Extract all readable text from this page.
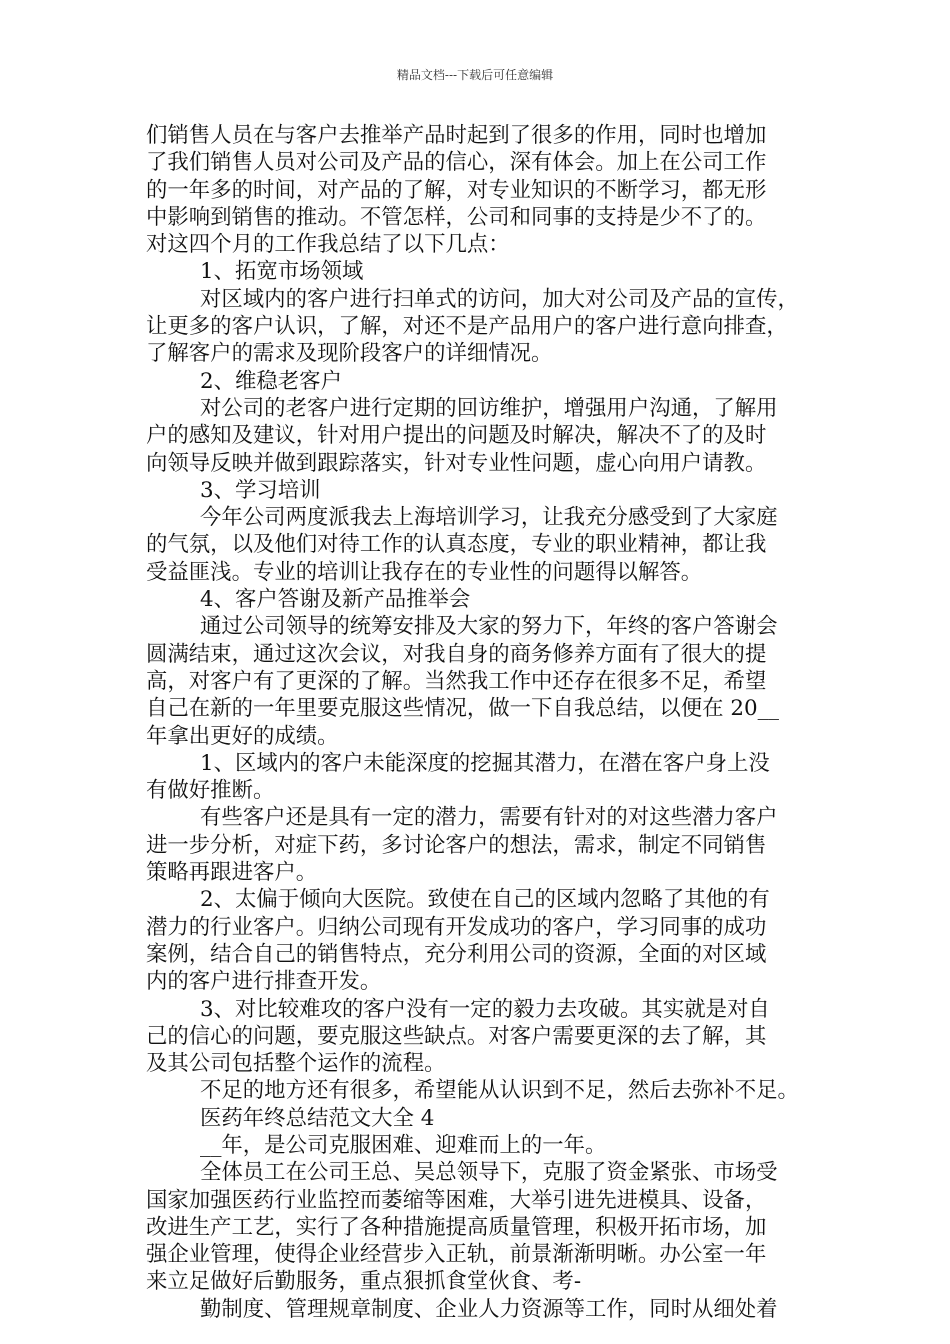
精品文档---下载后可任意编辑
们销售人员在与客户去推举产品时起到了很多的作用，同时也增加
了我们销售人员对公司及产品的信心，深有体会。加上在公司工作
的一年多的时间，对产品的了解，对专业知识的不断学习，都无形
中影响到销售的推动。不管怎样，公司和同事的支持是少不了的。
对这四个月的工作我总结了以下几点：
1、拓宽市场领域
对区域内的客户进行扫单式的访问，加大对公司及产品的宣传，
让更多的客户认识，了解，对还不是产品用户的客户进行意向排查，
了解客户的需求及现阶段客户的详细情况。
2、维稳老客户
对公司的老客户进行定期的回访维护，增强用户沟通，了解用
户的感知及建议，针对用户提出的问题及时解决，解决不了的及时
向领导反映并做到跟踪落实，针对专业性问题，虚心向用户请教。
3、学习培训
今年公司两度派我去上海培训学习，让我充分感受到了大家庭
的气氛，以及他们对待工作的认真态度，专业的职业精神，都让我
受益匪浅。专业的培训让我存在的专业性的问题得以解答。
4、客户答谢及新产品推举会
通过公司领导的统筹安排及大家的努力下，年终的客户答谢会
圆满结束，通过这次会议，对我自身的商务修养方面有了很大的提
高，对客户有了更深的了解。当然我工作中还存在很多不足，希望
自己在新的一年里要克服这些情况，做一下自我总结，以便在 20__
年拿出更好的成绩。
1、区域内的客户未能深度的挖掘其潜力，在潜在客户身上没
有做好推断。
有些客户还是具有一定的潜力，需要有针对的对这些潜力客户
进一步分析，对症下药，多讨论客户的想法，需求，制定不同销售
策略再跟进客户。
2、太偏于倾向大医院。致使在自己的区域内忽略了其他的有
潜力的行业客户。归纳公司现有开发成功的客户，学习同事的成功
案例，结合自己的销售特点，充分利用公司的资源，全面的对区域
内的客户进行排查开发。
3、对比较难攻的客户没有一定的毅力去攻破。其实就是对自
己的信心的问题，要克服这些缺点。对客户需要更深的去了解，其
及其公司包括整个运作的流程。
不足的地方还有很多，希望能从认识到不足，然后去弥补不足。
医药年终总结范文大全 4
__年，是公司克服困难、迎难而上的一年。
全体员工在公司王总、吴总领导下，克服了资金紧张、市场受
国家加强医药行业监控而萎缩等困难，大举引进先进模具、设备，
改进生产工艺，实行了各种措施提高质量管理，积极开拓市场，加
强企业管理，使得企业经营步入正轨，前景渐渐明晰。办公室一年
来立足做好后勤服务，重点狠抓食堂伙食、考-
勤制度、管理规章制度、企业人力资源等工作，同时从细处着
